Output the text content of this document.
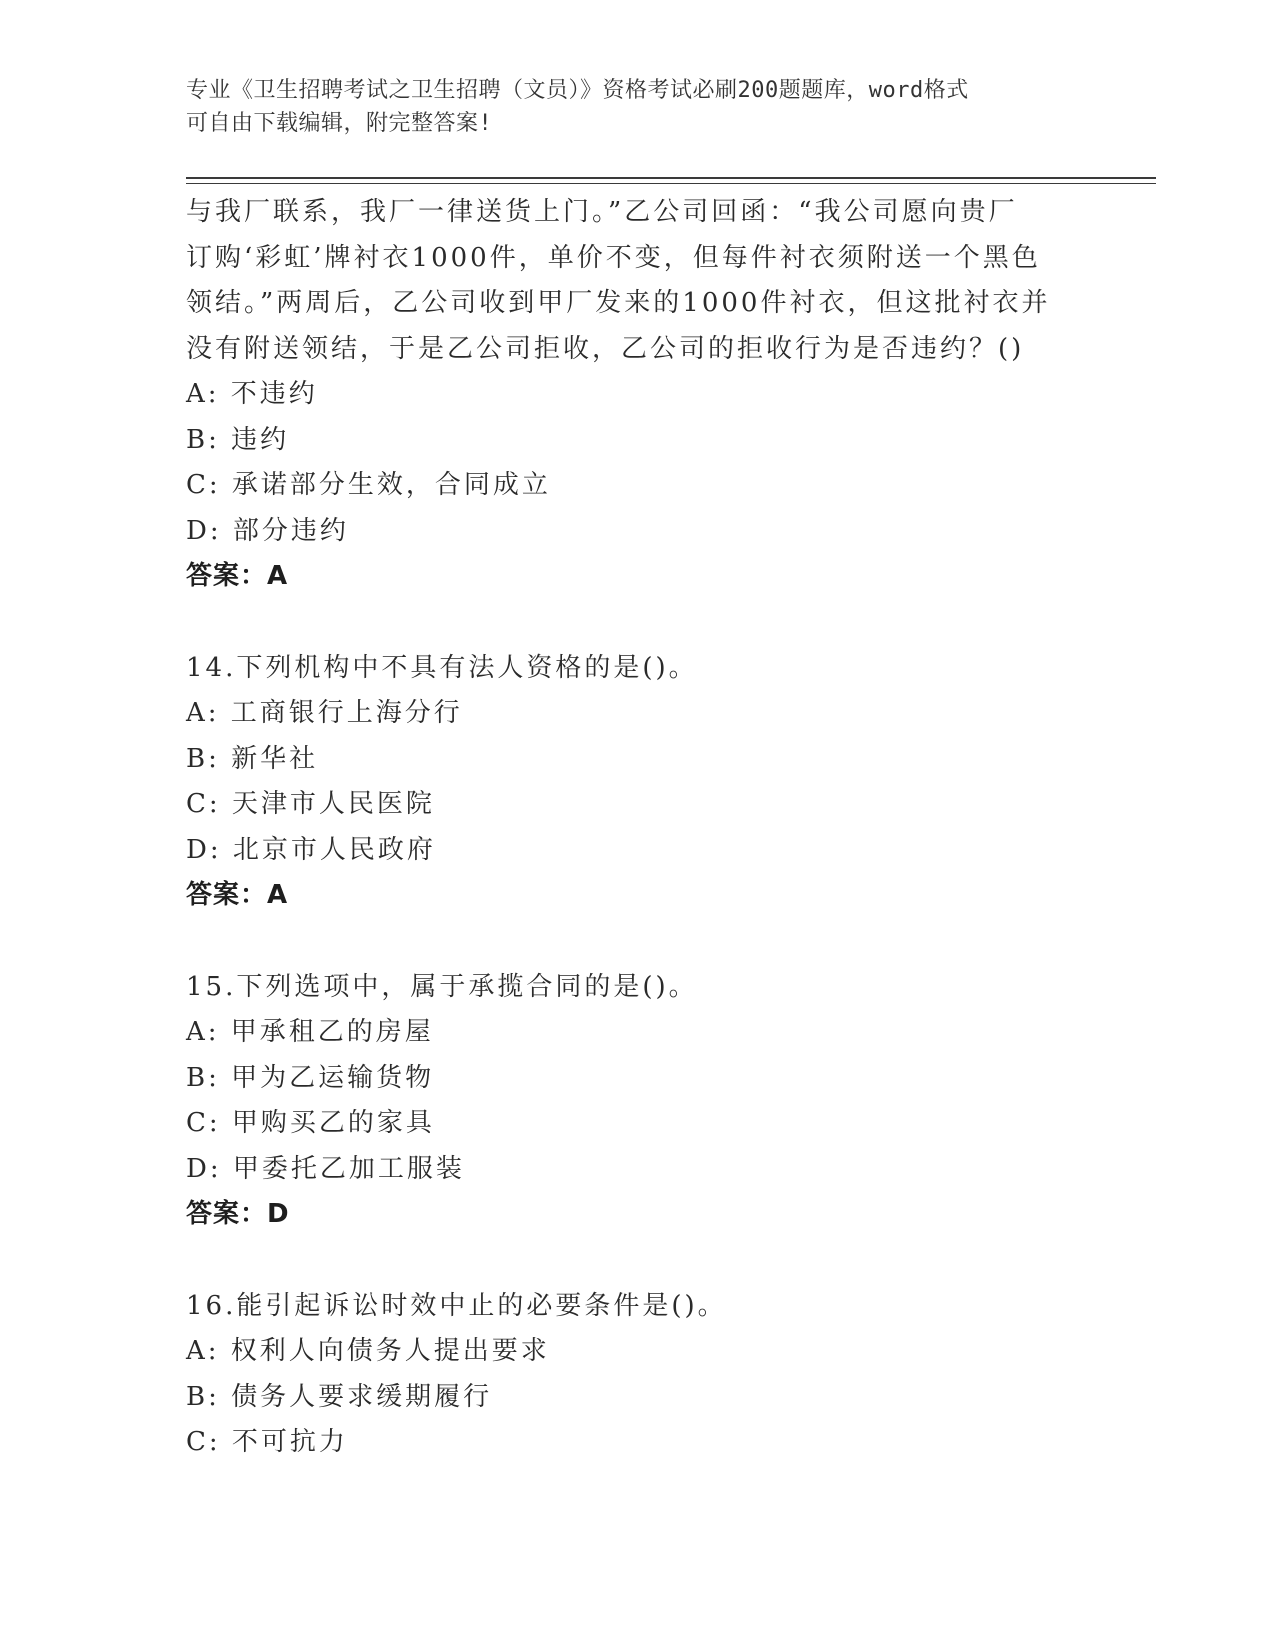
专业《卫生招聘考试之卫生招聘（文员）》资格考试必刷200题题库，word格式
可自由下载编辑，附完整答案!
与我厂联系，我厂一律送货上门。”乙公司回函：“我公司愿向贵厂
订购‘彩虹’牌衬衣1000件，单价不变，但每件衬衣须附送一个黑色
领结。”两周后，乙公司收到甲厂发来的1000件衬衣，但这批衬衣并
没有附送领结，于是乙公司拒收，乙公司的拒收行为是否违约？()
A: 不违约
B: 违约
C: 承诺部分生效，合同成立
D: 部分违约
答案：A
14.下列机构中不具有法人资格的是()。
A: 工商银行上海分行
B: 新华社
C: 天津市人民医院
D: 北京市人民政府
答案：A
15.下列选项中，属于承揽合同的是()。
A: 甲承租乙的房屋
B: 甲为乙运输货物
C: 甲购买乙的家具
D: 甲委托乙加工服装
答案：D
16.能引起诉讼时效中止的必要条件是()。
A: 权利人向债务人提出要求
B: 债务人要求缓期履行
C: 不可抗力
